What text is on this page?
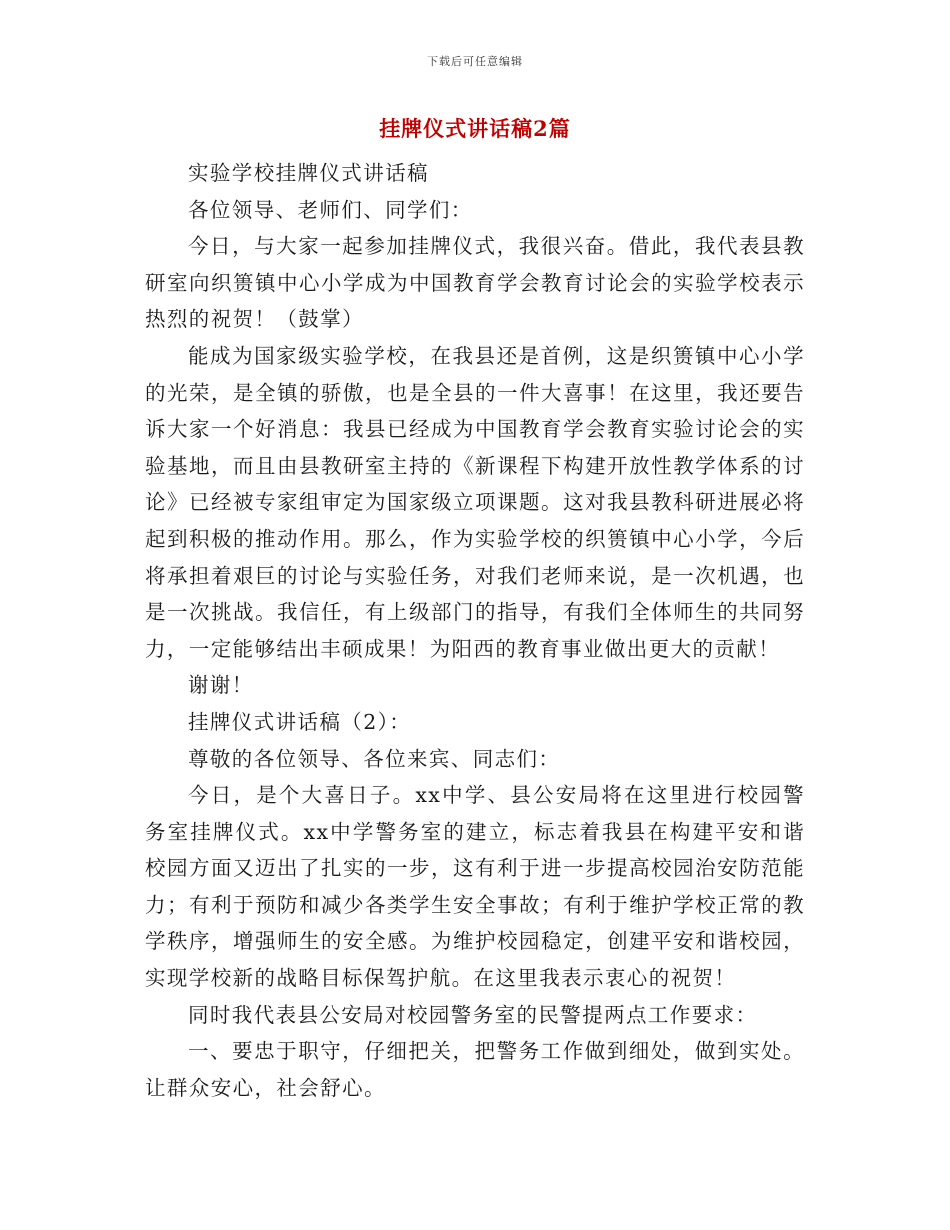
下载后可任意编辑
挂牌仪式讲话稿2篇

实验学校挂牌仪式讲话稿

各位领导、老师们、同学们：

今日，与大家一起参加挂牌仪式，我很兴奋。借此，我代表县教研室向织篑镇中心小学成为中国教育学会教育讨论会的实验学校表示热烈的祝贺！（鼓掌）

能成为国家级实验学校，在我县还是首例，这是织篑镇中心小学的光荣，是全镇的骄傲，也是全县的一件大喜事！在这里，我还要告诉大家一个好消息：我县已经成为中国教育学会教育实验讨论会的实验基地，而且由县教研室主持的《新课程下构建开放性教学体系的讨论》已经被专家组审定为国家级立项课题。这对我县教科研进展必将起到积极的推动作用。那么，作为实验学校的织篑镇中心小学，今后将承担着艰巨的讨论与实验任务，对我们老师来说，是一次机遇，也是一次挑战。我信任，有上级部门的指导，有我们全体师生的共同努力，一定能够结出丰硕成果！为阳西的教育事业做出更大的贡献！

谢谢！

挂牌仪式讲话稿（2）：

尊敬的各位领导、各位来宾、同志们：

今日，是个大喜日子。xx中学、县公安局将在这里进行校园警务室挂牌仪式。xx中学警务室的建立，标志着我县在构建平安和谐校园方面又迈出了扎实的一步，这有利于进一步提高校园治安防范能力；有利于预防和减少各类学生安全事故；有利于维护学校正常的教学秩序，增强师生的安全感。为维护校园稳定，创建平安和谐校园，实现学校新的战略目标保驾护航。在这里我表示衷心的祝贺！

同时我代表县公安局对校园警务室的民警提两点工作要求：

一、要忠于职守，仔细把关，把警务工作做到细处，做到实处。让群众安心，社会舒心。
